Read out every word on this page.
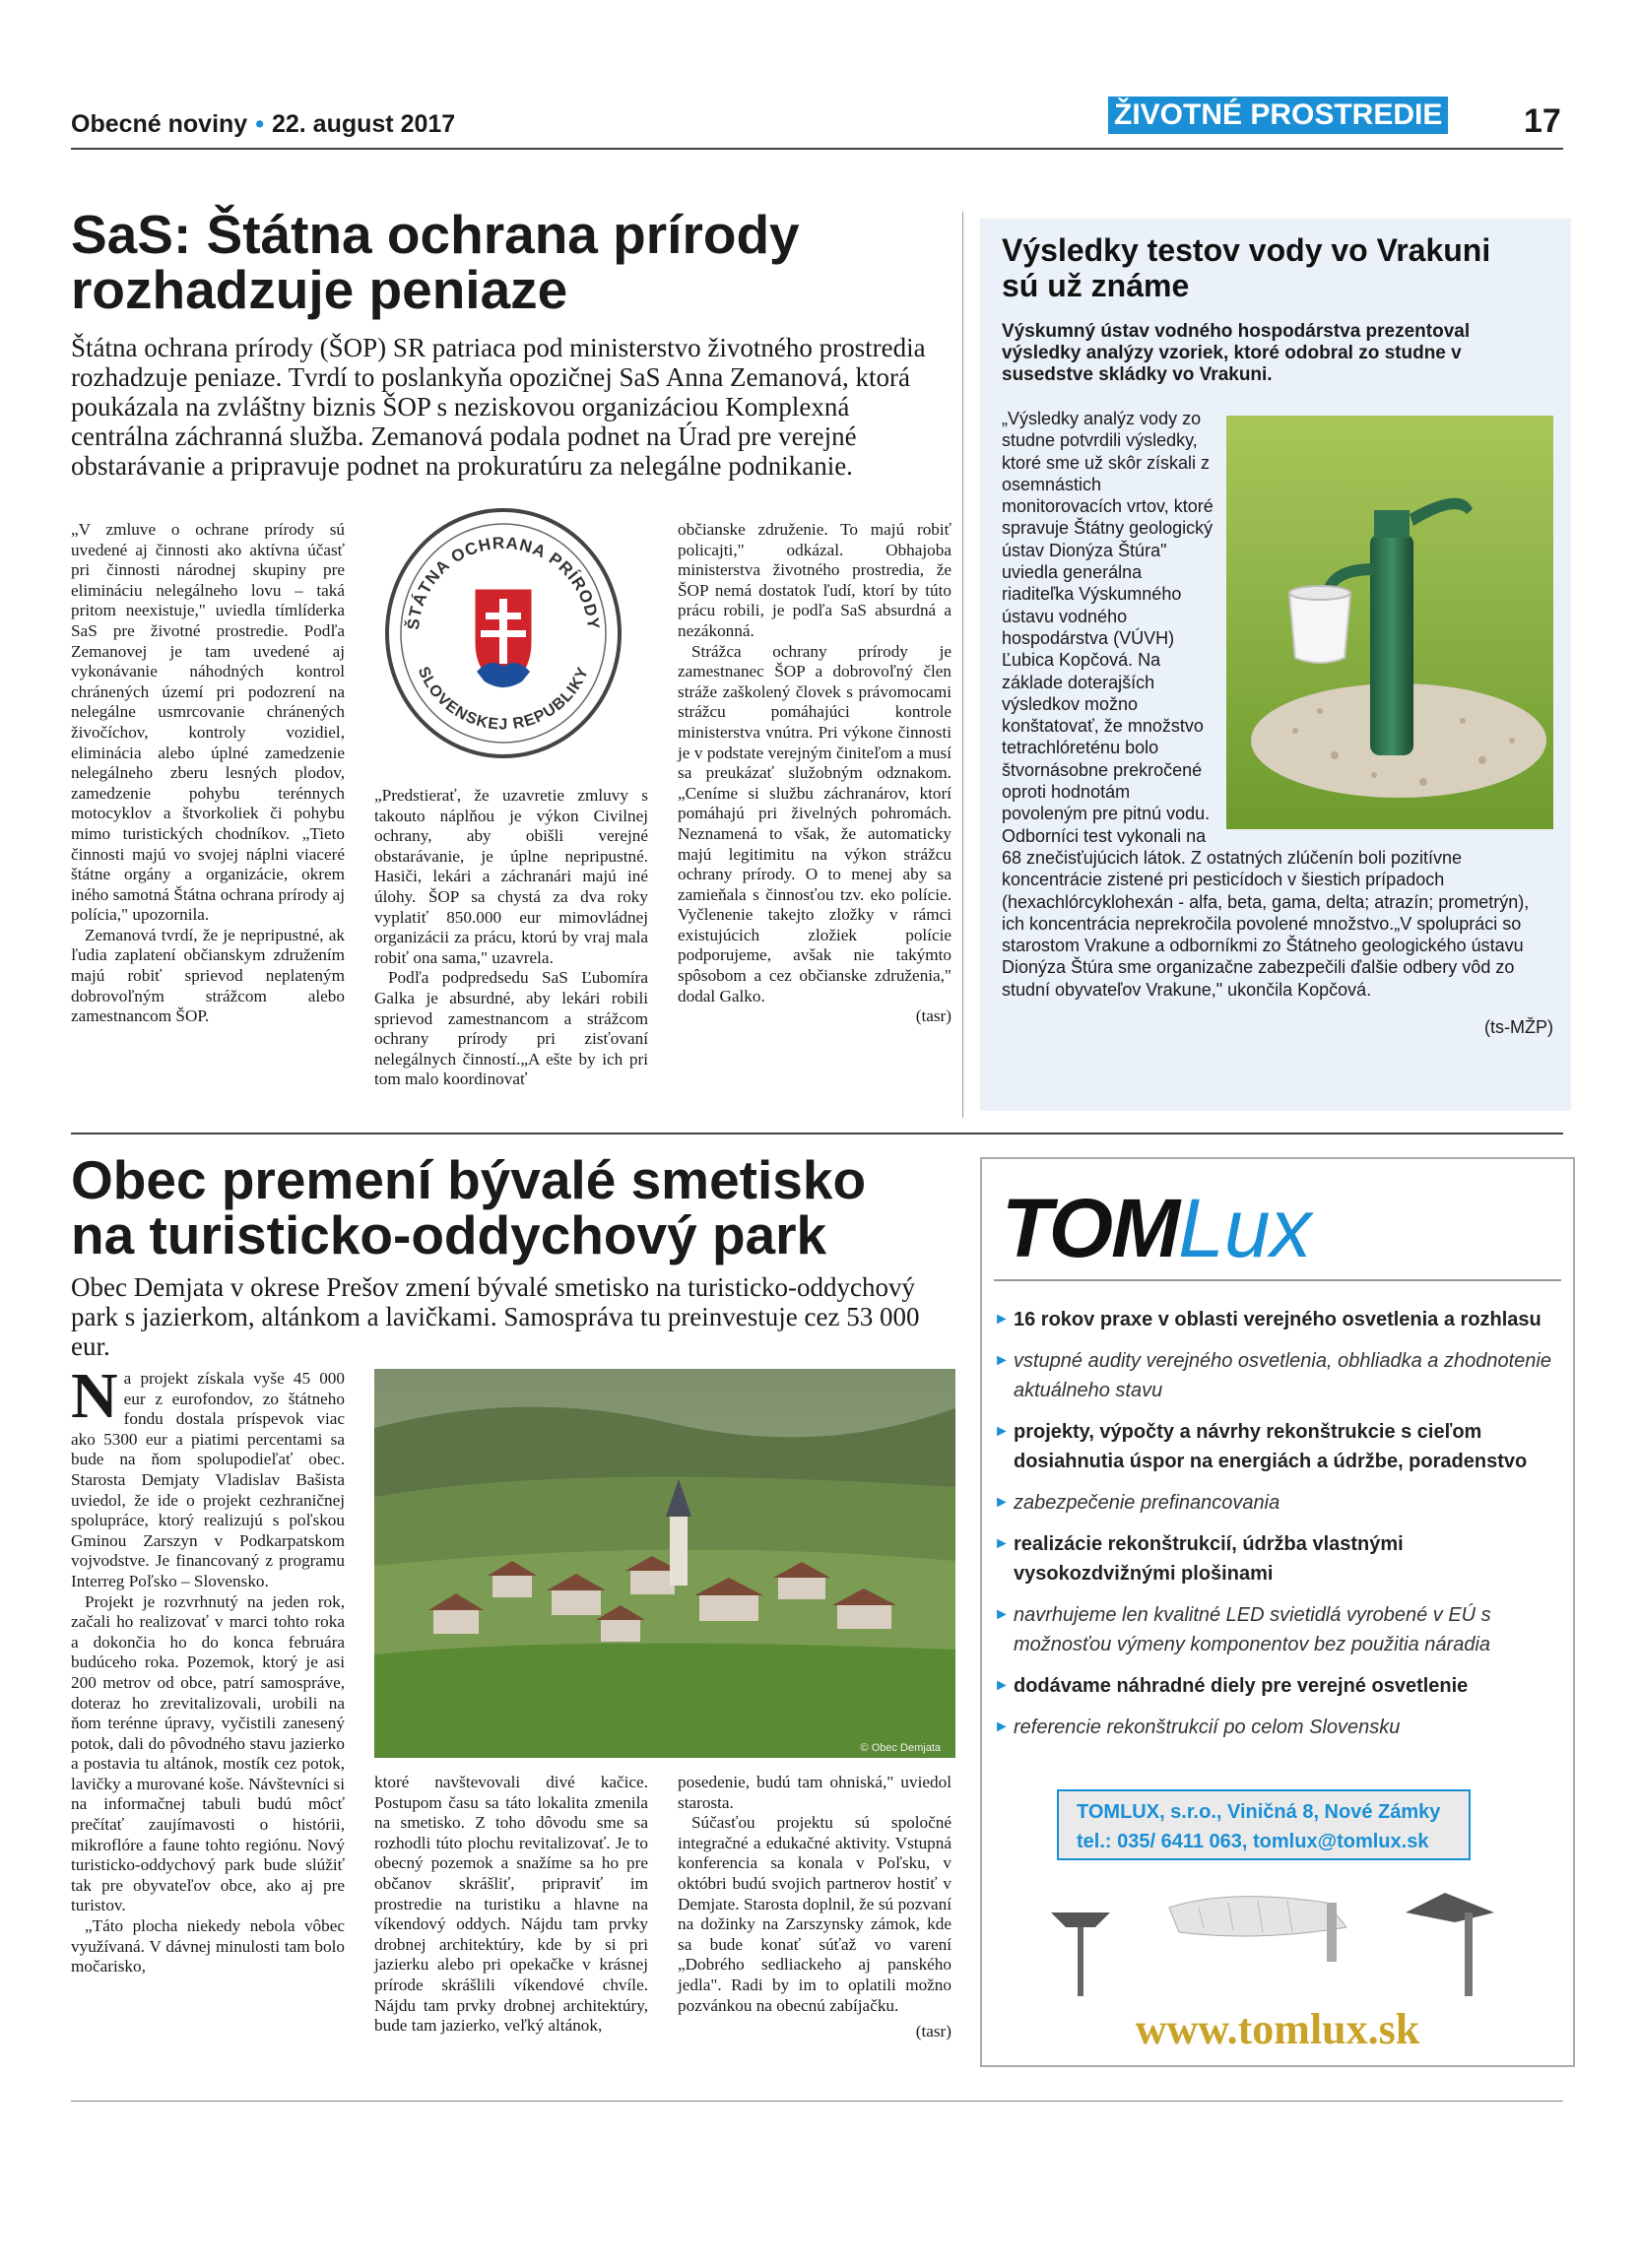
Obecné noviny • 22. august 2017	ŽIVOTNÉ PROSTREDIE 17
SaS: Štátna ochrana prírody
rozhadzuje peniaze

Štátna ochrana prírody (ŠOP) SR patriaca pod ministerstvo životného prostredia rozhadzuje peniaze. Tvrdí to poslankyňa opozičnej SaS Anna Zemanová, ktorá poukázala na zvláštny biznis ŠOP s neziskovou organizáciou Komplexná centrálna záchranná služba. Zemanová podala podnet na Úrad pre verejné obstarávanie a pripravuje podnet na prokuratúru za nelegálne podnikanie.

„V zmluve o ochrane prírody sú uvedené aj činnosti ako aktívna účasť pri činnosti národnej skupiny pre elimináciu nelegálneho lovu – taká pritom neexistuje," uviedla tímlíderka SaS pre životné prostredie. Podľa Zemanovej je tam uvedené aj vykonávanie náhodných kontrol chránených území pri podozrení na nelegálne usmrcovanie chránených živočíchov, kontroly vozidiel, eliminácia alebo úplné zamedzenie nelegálneho zberu lesných plodov, zamedzenie pohybu terénnych motocyklov a štvorkoliek či pohybu mimo turistických chodníkov. „Tieto činnosti majú vo svojej náplni viaceré štátne orgány a organizácie, okrem iného samotná Štátna ochrana prírody aj polícia," upozornila.

Zemanová tvrdí, že je nepripustné, ak ľudia zaplatení občianskym združením majú robiť sprievod neplateným dobrovoľným strážcom alebo zamestnancom ŠOP.

ŠTÁTNA OCHRANA PRÍRODY
SLOVENSKEJ REPUBLIKY

„Predstierať, že uzavretie zmluvy s takouto náplňou je výkon Civilnej ochrany, aby obišli verejné obstarávanie, je úplne nepripustné. Hasiči, lekári a záchranári majú iné úlohy. ŠOP sa chystá za dva roky vyplatiť 850.000 eur mimovládnej organizácii za prácu, ktorú by vraj mala robiť ona sama," uzavrela.

Podľa podpredsedu SaS Ľubomíra Galka je absurdné, aby lekári robili sprievod zamestnancom a strážcom ochrany prírody pri zisťovaní nelegálnych činností.„A ešte by ich pri tom malo koordinovať

občianske združenie. To majú robiť policajti," odkázal. Obhajoba ministerstva životného prostredia, že ŠOP nemá dostatok ľudí, ktorí by túto prácu robili, je podľa SaS absurdná a nezákonná.

Strážca ochrany prírody je zamestnanec ŠOP a dobrovoľný člen stráže zaškolený človek s právomocami strážcu pomáhajúci kontrole ministerstva vnútra. Pri výkone činnosti je v podstate verejným činiteľom a musí sa preukázať služobným odznakom. „Ceníme si službu záchranárov, ktorí pomáhajú pri živelných pohromách. Neznamená to však, že automaticky majú legitimitu na výkon strážcu ochrany prírody. O to menej aby sa zamieňala s činnosťou tzv. eko polície. Vyčlenenie takejto zložky v rámci existujúcich zložiek polície podporujeme, avšak nie takýmto spôsobom a cez občianske združenia," dodal Galko.

(tasr)
Výsledky testov vody vo Vrakuni
sú už známe
Výskumný ústav vodného hospodárstva prezentoval výsledky analýzy vzoriek, ktoré odobral zo studne v susedstve skládky vo Vrakuni.
„Výsledky analýz vody zo studne potvrdili výsledky, ktoré sme už skôr získali z osemnástich monitorovacích vrtov, ktoré spravuje Štátny geologický ústav Dionýza Štúra" uviedla generálna riaditeľka Výskumného ústavu vodného hospodárstva (VÚVH) Ľubica Kopčová. Na základe doterajších výsledkov možno konštatovať, že množstvo tetrachlóreténu bolo štvornásobne prekročené oproti hodnotám povoleným pre pitnú vodu. Odborníci test vykonali na 68 znečisťujúcich látok. Z ostatných zlúčenín boli pozitívne koncentrácie zistené pri pesticídoch v šiestich prípadoch (hexachlórcyklohexán - alfa, beta, gama, delta; atrazín; prometrýn), ich koncentrácia neprekročila povolené množstvo.„V spolupráci so starostom Vrakune a odborníkmi zo Štátneho geologického ústavu Dionýza Štúra sme organizačne zabezpečili ďalšie odbery vôd zo studní obyvateľov Vrakune," ukončila Kopčová.
(ts-MŽP)
Obec premení bývalé smetisko
na turisticko-oddychový park

Obec Demjata v okrese Prešov zmení bývalé smetisko na turisticko-oddychový park s jazierkom, altánkom a lavičkami. Samospráva tu preinvestuje cez 53 000 eur.

Na projekt získala vyše 45 000 eur z eurofondov, zo štátneho fondu dostala príspevok viac ako 5300 eur a piatimi percentami sa bude na ňom spolupodieľať obec. Starosta Demjaty Vladislav Bašista uviedol, že ide o projekt cezhraničnej spolupráce, ktorý realizujú s poľskou Gminou Zarszyn v Podkarpatskom vojvodstve. Je financovaný z programu Interreg Poľsko – Slovensko.

Projekt je rozvrhnutý na jeden rok, začali ho realizovať v marci tohto roka a dokončia ho do konca februára budúceho roka. Pozemok, ktorý je asi 200 metrov od obce, patrí samospráve, doteraz ho zrevitalizovali, urobili na ňom terénne úpravy, vyčistili zanesený potok, dali do pôvodného stavu jazierko a postavia tu altánok, mostík cez potok, lavičky a murované koše. Návštevníci si na informačnej tabuli budú môcť prečítať zaujímavosti o histórii, mikroflóre a faune tohto regiónu. Nový turisticko-oddychový park bude slúžiť tak pre obyvateľov obce, ako aj pre turistov.

„Táto plocha niekedy nebola vôbec využívaná. V dávnej minulosti tam bolo močarisko,

© Obec Demjata

ktoré navštevovali divé kačice. Postupom času sa táto lokalita zmenila na smetisko. Z toho dôvodu sme sa rozhodli túto plochu revitalizovať. Je to obecný pozemok a snažíme sa ho pre občanov skrášliť, pripraviť im prostredie na turistiku a hlavne na víkendový oddych. Nájdu tam prvky drobnej architektúry, kde by si pri jazierku alebo pri opekačke v krásnej prírode skrášlili víkendové chvíle. Nájdu tam prvky drobnej architektúry, bude tam jazierko, veľký altánok,

posedenie, budú tam ohniská," uviedol starosta.

Súčasťou projektu sú spoločné integračné a edukačné aktivity. Vstupná konferencia sa konala v Poľsku, v októbri budú svojich partnerov hostiť v Demjate. Starosta doplnil, že sú pozvaní na dožinky na Zarszynsky zámok, kde sa bude konať súťaž vo varení „Dobrého sedliackeho aj panského jedla". Radi by im to oplatili možno pozvánkou na obecnú zabíjačku.

(tasr)
TOMLux
► 16 rokov praxe v oblasti verejného osvetlenia a rozhlasu
► vstupné audity verejného osvetlenia, obhliadka a zhodnotenie aktuálneho stavu
► projekty, výpočty a návrhy rekonštrukcie s cieľom dosiahnutia úspor na energiách a údržbe, poradenstvo
► zabezpečenie prefinancovania
► realizácie rekonštrukcií, údržba vlastnými vysokozdvižnými plošinami
► navrhujeme len kvalitné LED svietidlá vyrobené v EÚ s možnosťou výmeny komponentov bez použitia náradia
► dodávame náhradné diely pre verejné osvetlenie
► referencie rekonštrukcií po celom Slovensku
TOMLUX, s.r.o., Viničná 8, Nové Zámky
tel.: 035/ 6411 063, tomlux@tomlux.sk
www.tomlux.sk
